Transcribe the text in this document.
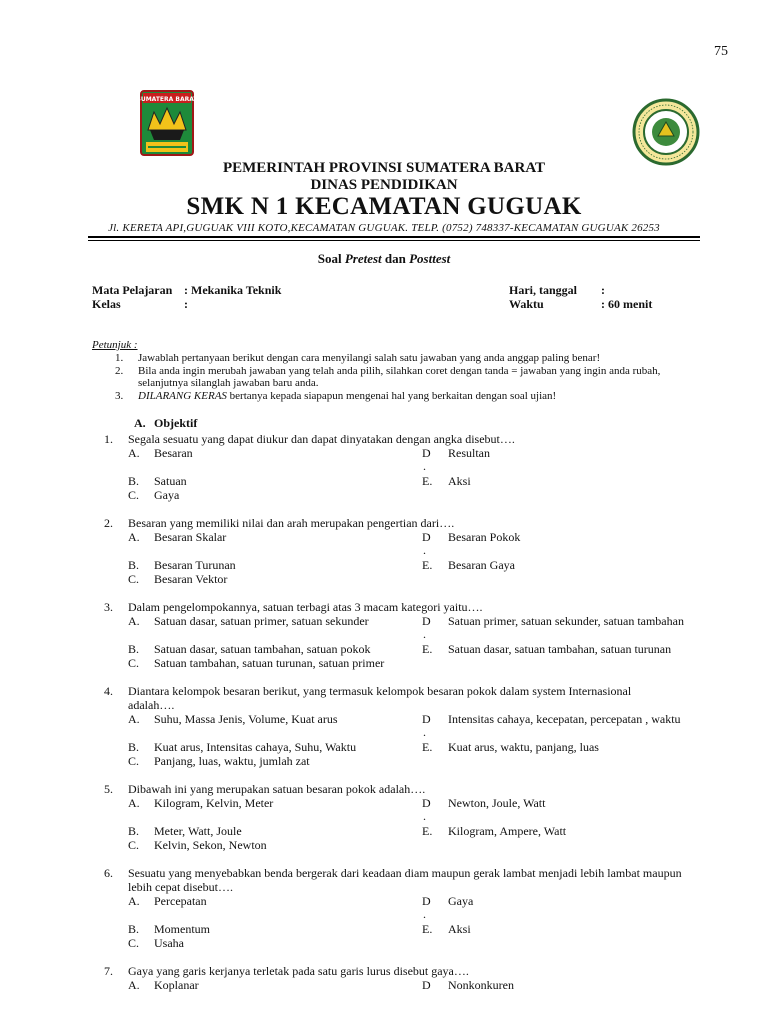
75
SUMATERA BARAT
PEMERINTAH PROVINSI SUMATERA BARAT
DINAS PENDIDIKAN
SMK N 1 KECAMATAN GUGUAK
Jl. KERETA API,GUGUAK VIII KOTO,KECAMATAN GUGUAK. TELP. (0752) 748337-KECAMATAN GUGUAK 26253
Soal Pretest dan Posttest
Mata Pelajaran : Mekanika Teknik
Kelas	:
Hari, tanggal :
Waktu	: 60 menit
Petunjuk :
1. Jawablah pertanyaan berikut dengan cara menyilangi salah satu jawaban yang anda anggap paling benar!
2. Bila anda ingin merubah jawaban yang telah anda pilih, silahkan coret dengan tanda = jawaban yang ingin anda rubah,
selanjutnya silanglah jawaban baru anda.
3. DILARANG KERAS bertanya kepada siapapun mengenai hal yang berkaitan dengan soal ujian!
A. Objektif
1. Segala sesuatu yang dapat diukur dan dapat dinyatakan dengan angka disebut….
A. Besaran	D Resultan
.
B. Satuan	E. Aksi
C. Gaya
2. Besaran yang memiliki nilai dan arah merupakan pengertian dari….
A. Besaran Skalar	D Besaran Pokok
.
B. Besaran Turunan	E. Besaran Gaya
C. Besaran Vektor
3. Dalam pengelompokannya, satuan terbagi atas 3 macam kategori yaitu….
A. Satuan dasar, satuan primer, satuan sekunder	D Satuan primer, satuan sekunder, satuan tambahan
.
B. Satuan dasar, satuan tambahan, satuan pokok	E. Satuan dasar, satuan tambahan, satuan turunan
C. Satuan tambahan, satuan turunan, satuan primer
4. Diantara kelompok besaran berikut, yang termasuk kelompok besaran pokok dalam system Internasional
adalah….
A. Suhu, Massa Jenis, Volume, Kuat arus	D Intensitas cahaya, kecepatan, percepatan , waktu
.
B. Kuat arus, Intensitas cahaya, Suhu, Waktu	E. Kuat arus, waktu, panjang, luas
C. Panjang, luas, waktu, jumlah zat
5. Dibawah ini yang merupakan satuan besaran pokok adalah….
A. Kilogram, Kelvin, Meter	D Newton, Joule, Watt
.
B. Meter, Watt, Joule	E. Kilogram, Ampere, Watt
C. Kelvin, Sekon, Newton
6. Sesuatu yang menyebabkan benda bergerak dari keadaan diam maupun gerak lambat menjadi lebih lambat maupun
lebih cepat disebut….
A. Percepatan	D Gaya
.
B. Momentum	E. Aksi
C. Usaha
7. Gaya yang garis kerjanya terletak pada satu garis lurus disebut gaya….
A. Koplanar	D Nonkonkuren
